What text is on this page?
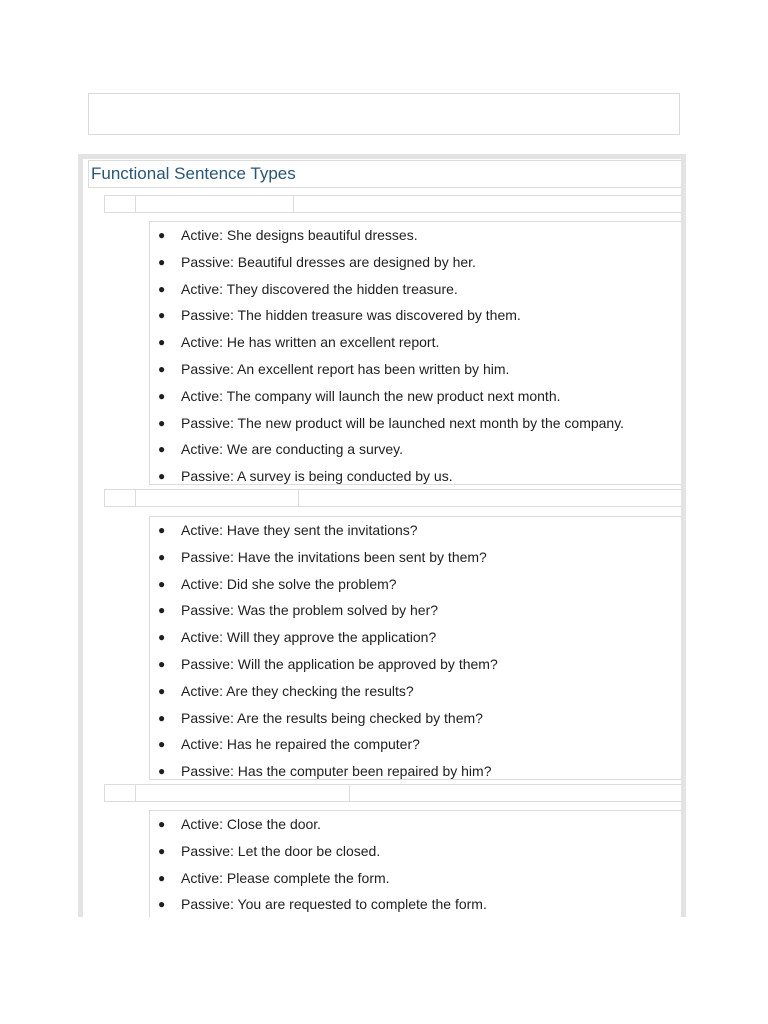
Functional Sentence Types
● Active: She designs beautiful dresses.
● Passive: Beautiful dresses are designed by her.
● Active: They discovered the hidden treasure.
● Passive: The hidden treasure was discovered by them.
● Active: He has written an excellent report.
● Passive: An excellent report has been written by him.
● Active: The company will launch the new product next month.
● Passive: The new product will be launched next month by the company.
● Active: We are conducting a survey.
● Passive: A survey is being conducted by us.
● Active: Have they sent the invitations?
● Passive: Have the invitations been sent by them?
● Active: Did she solve the problem?
● Passive: Was the problem solved by her?
● Active: Will they approve the application?
● Passive: Will the application be approved by them?
● Active: Are they checking the results?
● Passive: Are the results being checked by them?
● Active: Has he repaired the computer?
● Passive: Has the computer been repaired by him?
● Active: Close the door.
● Passive: Let the door be closed.
● Active: Please complete the form.
● Passive: You are requested to complete the form.
